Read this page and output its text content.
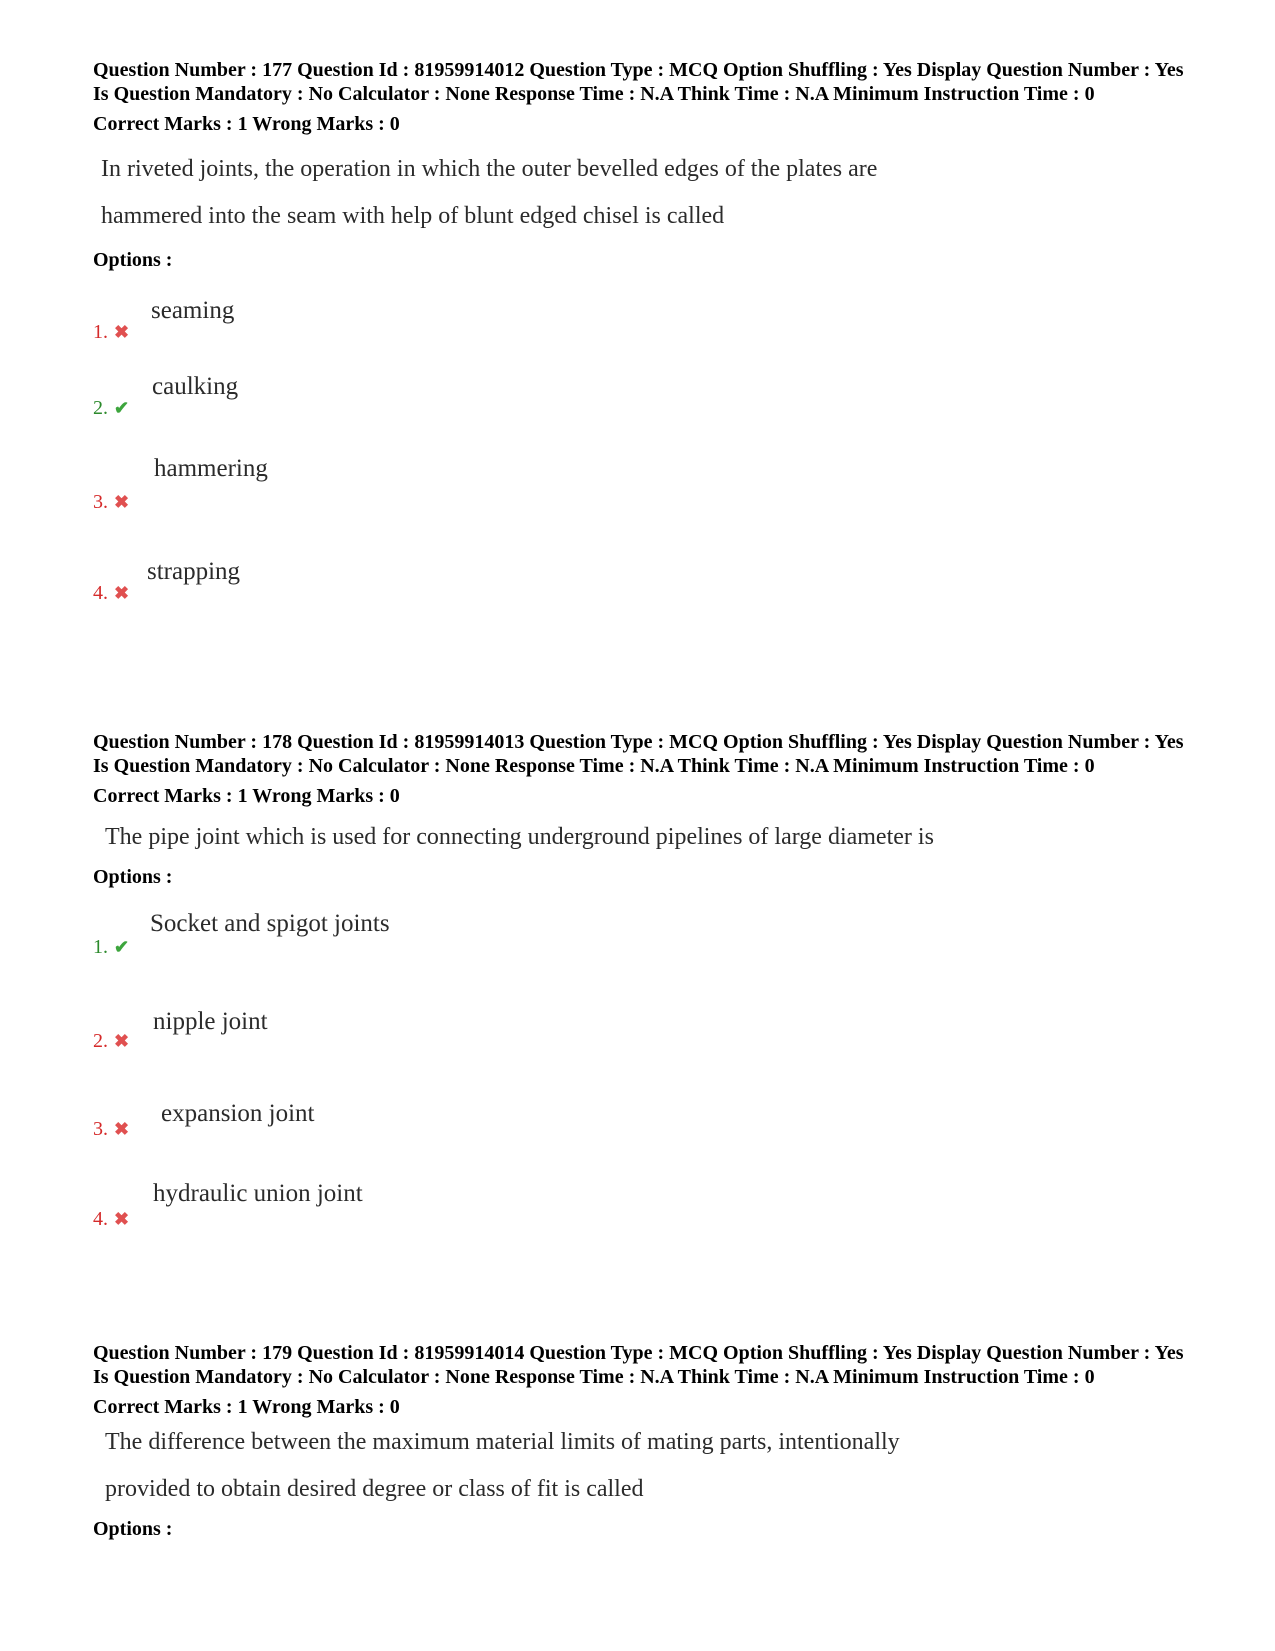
Question Number : 177 Question Id : 81959914012 Question Type : MCQ Option Shuffling : Yes Display Question Number : Yes Is Question Mandatory : No Calculator : None Response Time : N.A Think Time : N.A Minimum Instruction Time : 0

Correct Marks : 1 Wrong Marks : 0
In riveted joints, the operation in which the outer bevelled edges of the plates are
hammered into the seam with help of blunt edged chisel is called
Options :
1. ✖
seaming
2. ✔
caulking
3. ✖
hammering
4. ✖
strapping

Question Number : 178 Question Id : 81959914013 Question Type : MCQ Option Shuffling : Yes Display Question Number : Yes Is Question Mandatory : No Calculator : None Response Time : N.A Think Time : N.A Minimum Instruction Time : 0

Correct Marks : 1 Wrong Marks : 0
The pipe joint which is used for connecting underground pipelines of large diameter is
Options :
1. ✔
Socket and spigot joints
2. ✖
nipple joint
3. ✖
expansion joint
4. ✖
hydraulic union joint

Question Number : 179 Question Id : 81959914014 Question Type : MCQ Option Shuffling : Yes Display Question Number : Yes Is Question Mandatory : No Calculator : None Response Time : N.A Think Time : N.A Minimum Instruction Time : 0

Correct Marks : 1 Wrong Marks : 0
The difference between the maximum material limits of mating parts, intentionally
provided to obtain desired degree or class of fit is called
Options :
